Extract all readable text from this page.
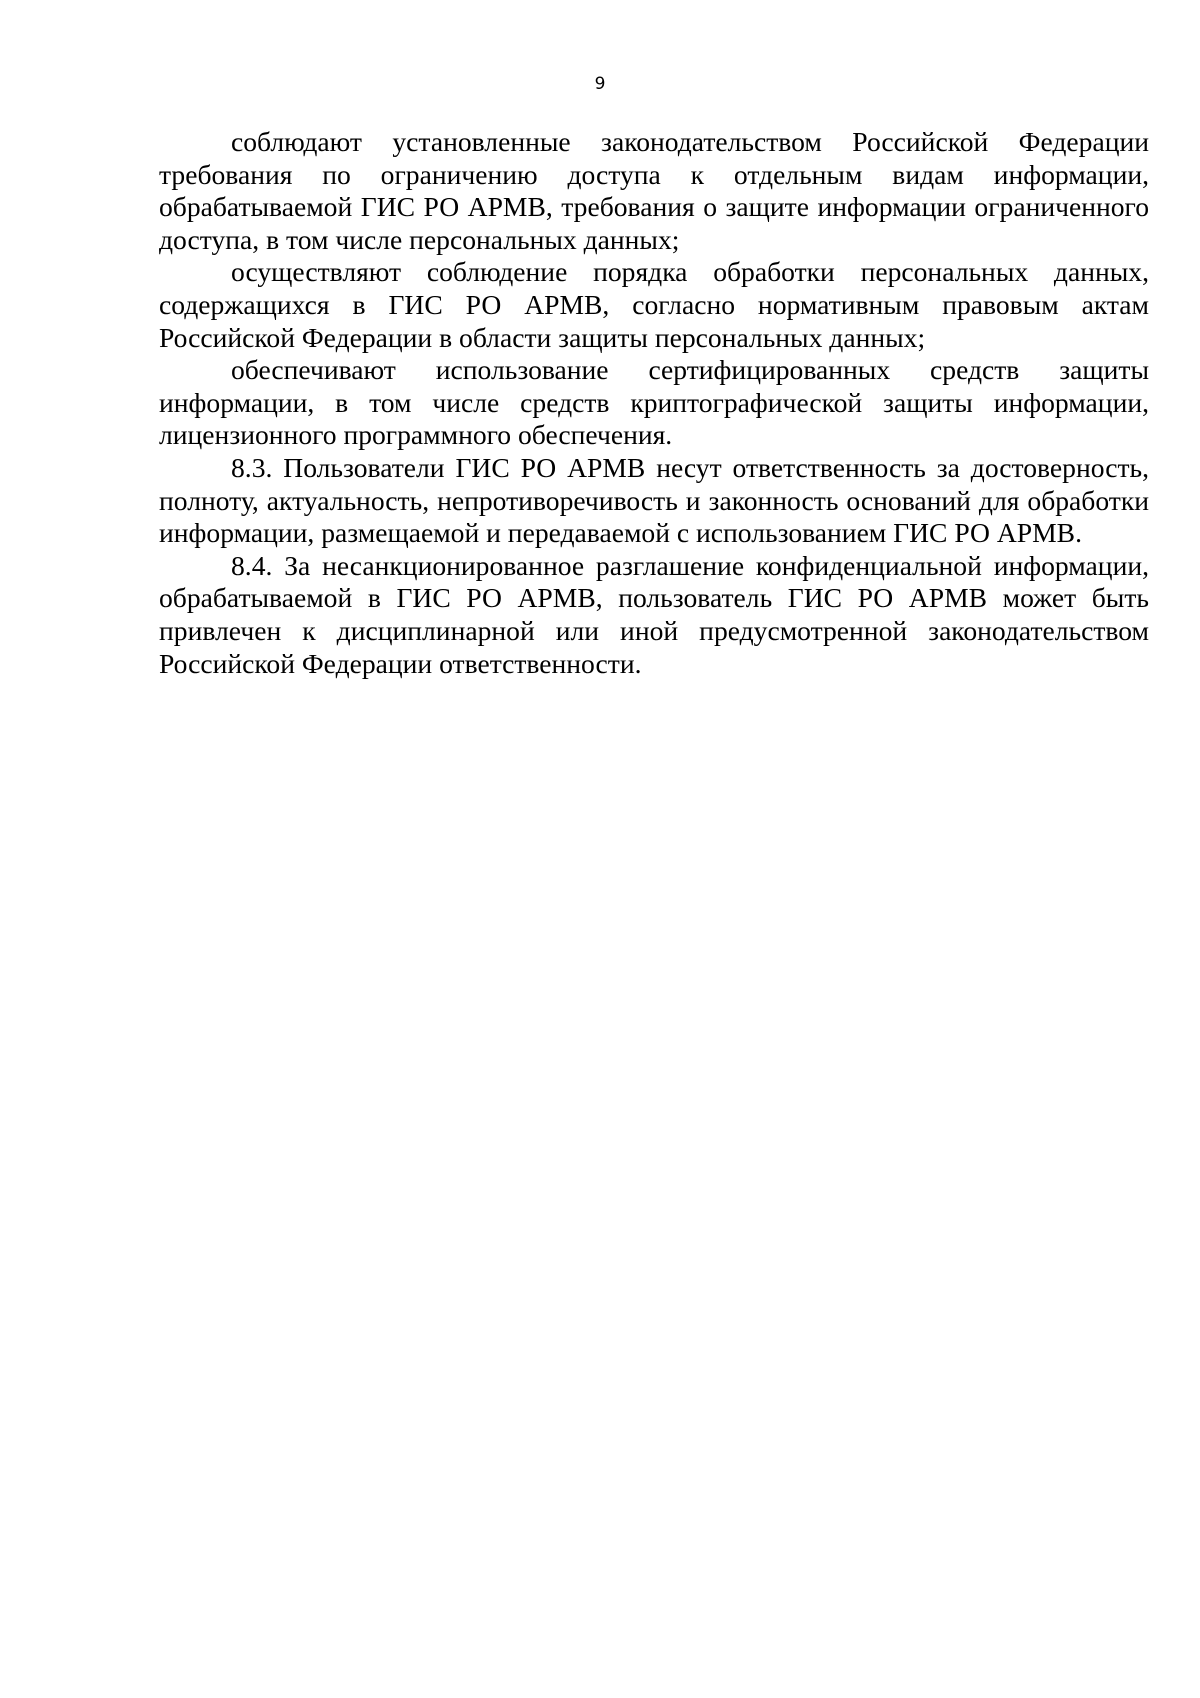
9

соблюдают установленные законодательством Российской Федерации требования по ограничению доступа к отдельным видам информации, обрабатываемой ГИС РО АРМВ, требования о защите информации ограниченного доступа, в том числе персональных данных;

осуществляют соблюдение порядка обработки персональных данных, содержащихся в ГИС РО АРМВ, согласно нормативным правовым актам Российской Федерации в области защиты персональных данных;

обеспечивают использование сертифицированных средств защиты информации, в том числе средств криптографической защиты информации, лицензионного программного обеспечения.

8.3. Пользователи ГИС РО АРМВ несут ответственность за достоверность, полноту, актуальность, непротиворечивость и законность оснований для обработки информации, размещаемой и передаваемой с использованием ГИС РО АРМВ.

8.4. За несанкционированное разглашение конфиденциальной информации, обрабатываемой в ГИС РО АРМВ, пользователь ГИС РО АРМВ может быть привлечен к дисциплинарной или иной предусмотренной законодательством Российской Федерации ответственности.
